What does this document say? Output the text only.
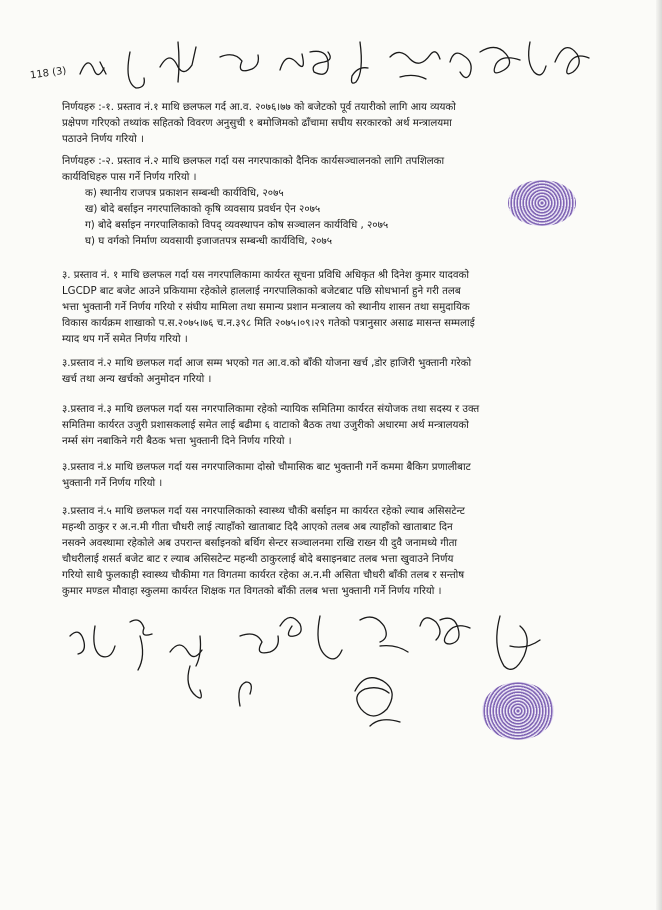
118 (3)
निर्णयहरु :-१. प्रस्ताव नं.१ माथि छलफल गर्द आ.व. २०७६।७७ को बजेटको पूर्व तयारीको लागि आय व्ययको
प्रक्षेपण गरिएको तथ्यांक सहितको विवरण अनुसुची १ बमोजिमको ढाँचामा सघीय सरकारको अर्थ मन्त्रालयमा
पठाउने निर्णय गरियो ।
निर्णयहरु :-२. प्रस्ताव नं.२ माथि छलफल गर्दा यस नगरपाकाको दैनिक कार्यसञ्चालनको लागि तपशिलका
कार्यविधिहरु पास गर्ने निर्णय गरियो ।
क) स्थानीय राजपत्र प्रकाशन सम्बन्धी कार्यविधि, २०७५
ख) बोदे बर्साइन नगरपालिकाको कृषि व्यवसाय प्रवर्धन ऐन २०७५
ग) बोदे बर्साइन नगरपालिकाको विपद् व्यवस्थापन कोष सञ्चालन कार्यविधि , २०७५
घ) घ वर्गको निर्माण व्यवसायी इजाजतपत्र सम्बन्धी कार्यविधि, २०७५
३. प्रस्ताव नं. १ माथि छलफल गर्दा यस नगरपालिकामा कार्यरत सूचना प्रविधि अधिकृत श्री दिनेश कुमार यादवको
LGCDP बाट बजेट आउने प्रकियामा रहेकोले हाललाई नगरपालिकाको बजेटबाट पछि सोधभार्ना हुने गरी तलब
भत्ता भुक्तानी गर्ने निर्णय गरियो र संघीय मामिला तथा समान्य प्रशान मन्त्रालय को स्थानीय शासन तथा समुदायिक
विकास कार्यक्रम शाखाको प.स.२०७५।७६ च.न.३९८ मिति २०७५।०९।२९ गतेको पत्रानुसार असाढ मासन्त सम्मलाई
म्याद थप गर्ने समेत निर्णय गरियो ।
३.प्रस्ताव नं.२ माथि छलफल गर्दा आज सम्म भएको गत आ.व.को बाँकी योजना खर्च ,डोर हाजिरी भुक्तानी गरेको
खर्च तथा अन्य खर्चको अनुमोदन गरियो ।
३.प्रस्ताव नं.३ माथि छलफल गर्दा यस नगरपालिकामा रहेको न्यायिक समितिमा कार्यरत संयोजक तथा सदस्य र उक्त
समितिमा कार्यरत उजुरी प्रशासकलाई समेत लाई बढीमा ६ वाटाको बैठक तथा उजुरीको अधारमा अर्थ मन्त्रालयको
नर्म्स संग नबाकिने गरी बैठक भत्ता भुक्तानी दिने निर्णय गरियो ।
३.प्रस्ताव नं.४ माथि छलफल गर्दा यस नगरपालिकामा दोस्रो चौमासिक बाट भुक्तानी गर्ने कममा बैकिग प्रणालीबाट
भुक्तानी गर्ने निर्णय गरियो ।
३.प्रस्ताव नं.५ माथि छलफल गर्दा यस नगरपालिकाको स्वास्थ्य चौकी बर्साइन मा कार्यरत रहेको ल्याब असिसटेन्ट
महन्थी ठाकुर र अ.न.मी गीता चौधरी लाई त्याहाँको खाताबाट दिदै आएको तलब अब त्याहाँको खाताबाट दिन
नसक्ने अवस्थामा रहेकोले अब उपरान्त बर्साइनको बर्थिग सेन्टर सञ्चालनमा राखि राख्न यी दुवै जनामध्ये गीता
चौधरीलाई शसर्त बजेट बाट र ल्याब असिसटेन्ट महन्थी ठाकुरलाई बोदे बसाइनबाट तलब भत्ता खुवाउने निर्णय
गरियो साथै फुलकाही स्वास्थ्य चौकीमा गत विगतमा कार्यरत रहेका अ.न.मी असिता चौधरी बाँकी तलब र सन्तोष
कुमार मण्डल मौवाहा स्कुलमा कार्यरत शिक्षक गत विगतको बाँकी तलब भत्ता भुक्तानी गर्ने निर्णय गरियो ।
